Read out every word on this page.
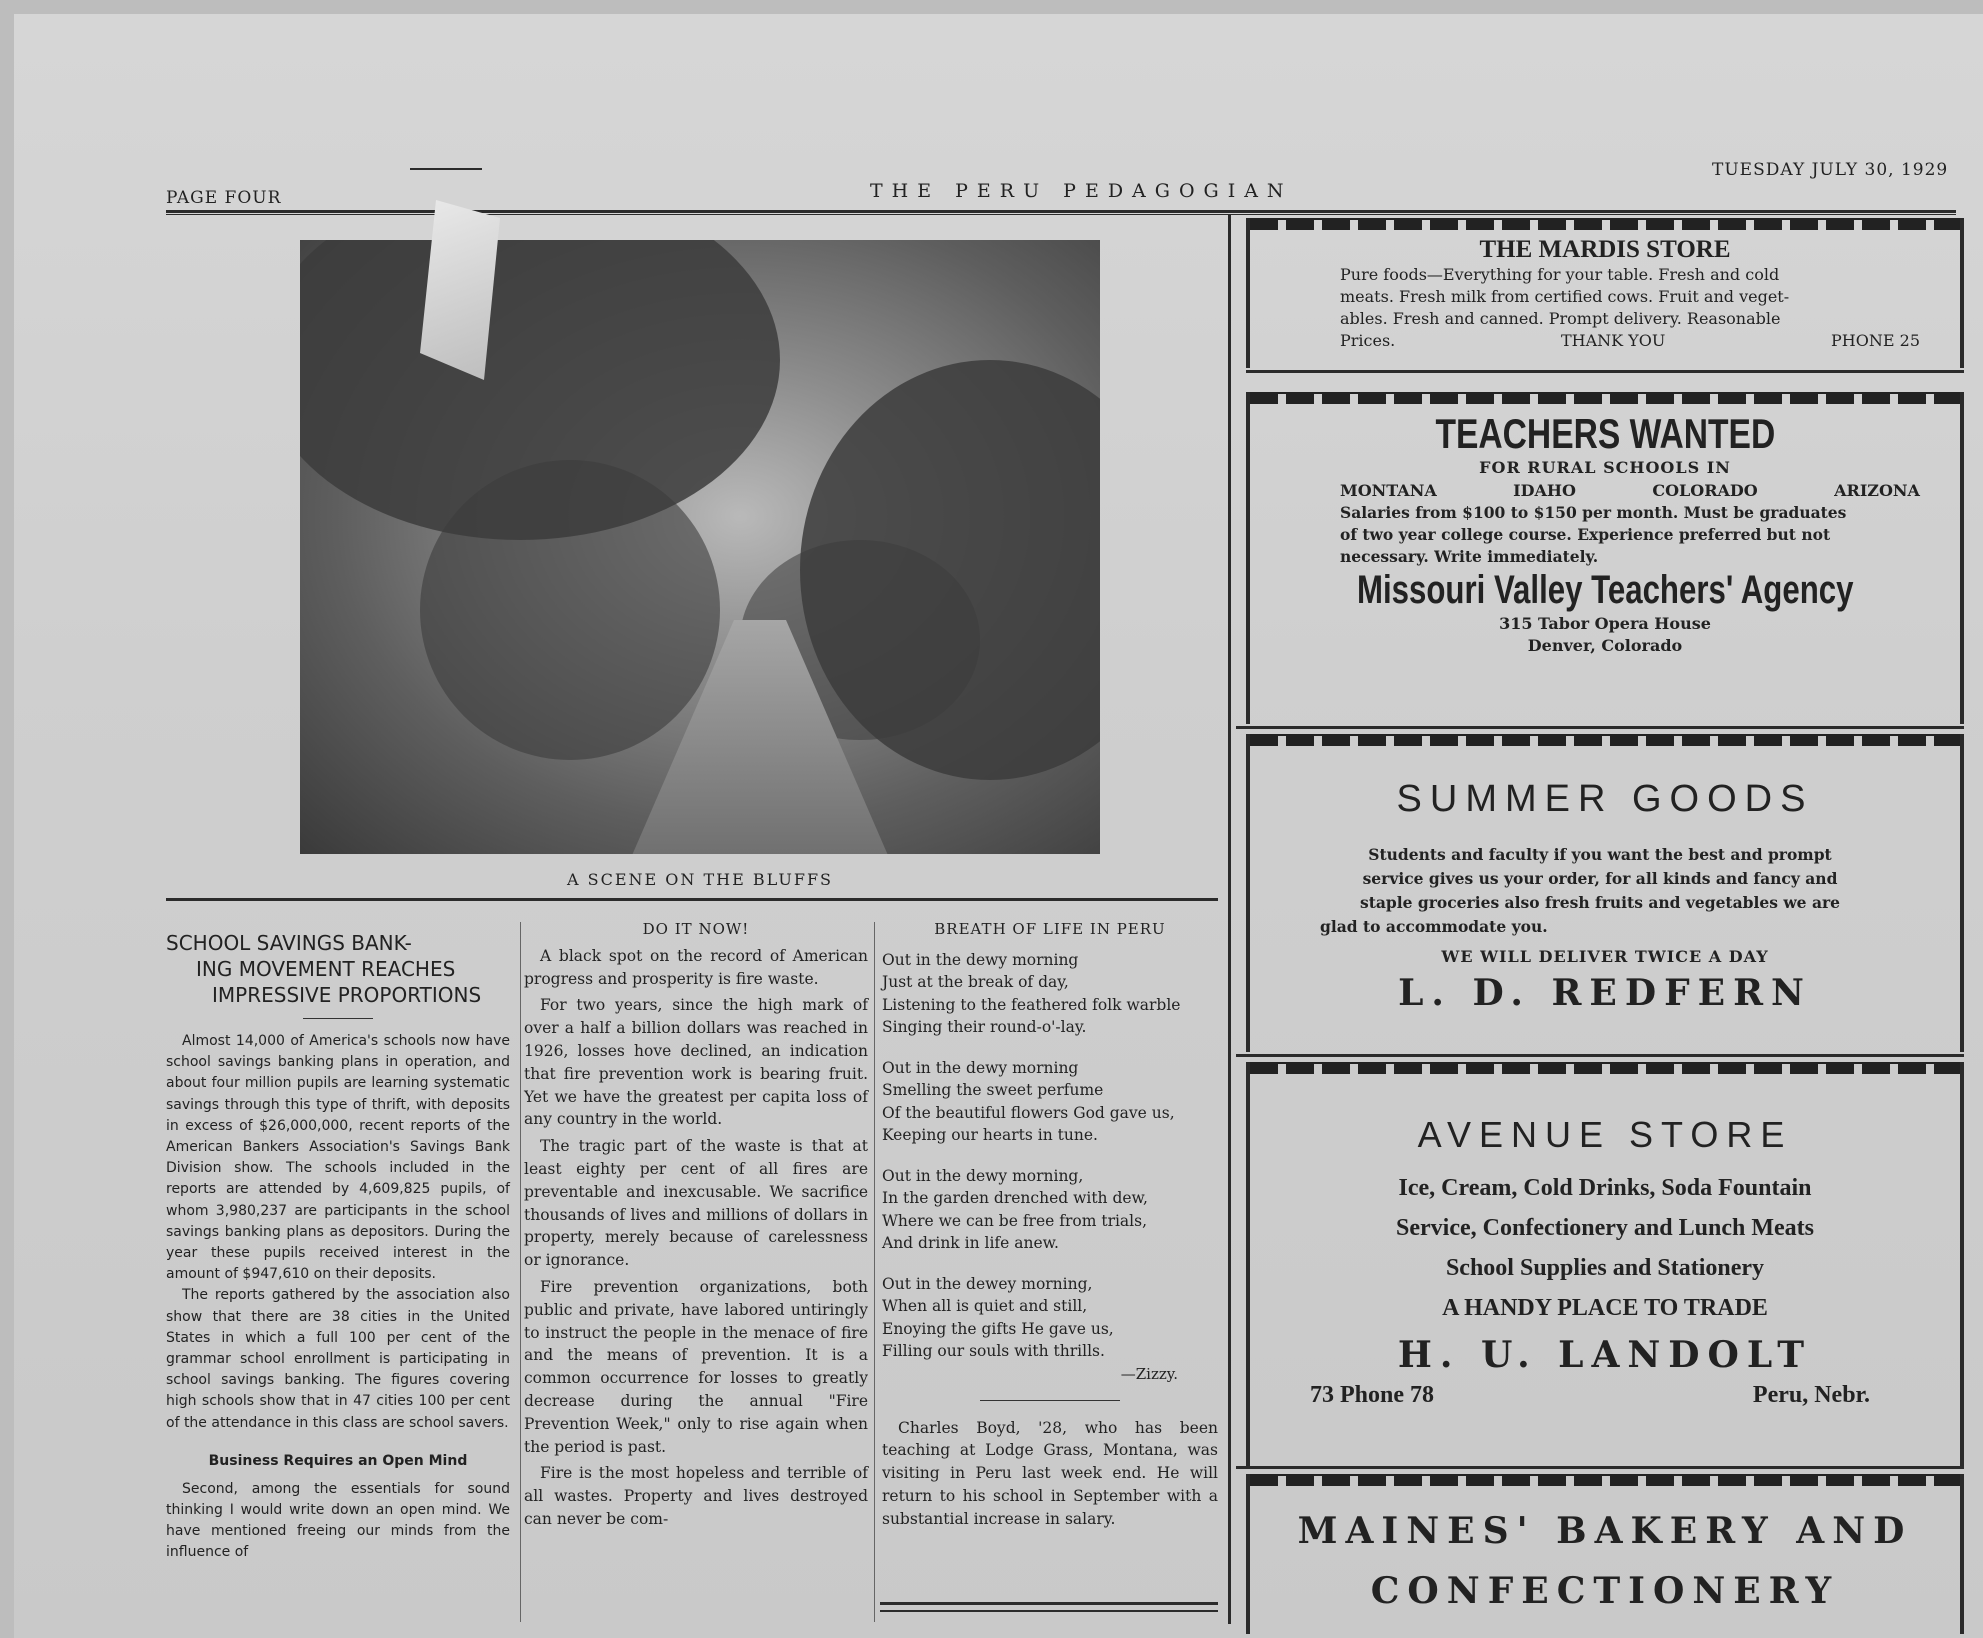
PAGE FOUR	THE PERU PEDAGOGIAN
TUESDAY JULY 30, 1929
A SCENE ON THE BLUFFS
SCHOOL SAVINGS BANK-
ING MOVEMENT REACHES
IMPRESSIVE PROPORTIONS

Almost 14,000 of America's schools now have school savings banking plans in operation, and about four million pupils are learning systematic savings through this type of thrift, with deposits in excess of $26,000,000, recent reports of the American Bankers Association's Savings Bank Division show. The schools included in the reports are attended by 4,609,825 pupils, of whom 3,980,237 are participants in the school savings banking plans as depositors. During the year these pupils received interest in the amount of $947,610 on their deposits.

The reports gathered by the association also show that there are 38 cities in the United States in which a full 100 per cent of the grammar school enrollment is participating in school savings banking. The figures covering high schools show that in 47 cities 100 per cent of the attendance in this class are school savers.

Business Requires an Open Mind

Second, among the essentials for sound thinking I would write down an open mind. We have mentioned freeing our minds from the influence of

DO IT NOW!

A black spot on the record of American progress and prosperity is fire waste.

For two years, since the high mark of over a half a billion dollars was reached in 1926, losses hove declined, an indication that fire prevention work is bearing fruit. Yet we have the greatest per capita loss of any country in the world.

The tragic part of the waste is that at least eighty per cent of all fires are preventable and inexcusable. We sacrifice thousands of lives and millions of dollars in property, merely because of carelessness or ignorance.

Fire prevention organizations, both public and private, have labored untiringly to instruct the people in the menace of fire and the means of prevention. It is a common occurrence for losses to greatly decrease during the annual "Fire Prevention Week," only to rise again when the period is past.

Fire is the most hopeless and terrible of all wastes. Property and lives destroyed can never be com-

BREATH OF LIFE IN PERU
Out in the dewy morning
Just at the break of day,
Listening to the feathered folk warble
Singing their round-o'-lay.
Out in the dewy morning
Smelling the sweet perfume
Of the beautiful flowers God gave us,
Keeping our hearts in tune.
Out in the dewy morning,
In the garden drenched with dew,
Where we can be free from trials,
And drink in life anew.
Out in the dewey morning,
When all is quiet and still,
Enoying the gifts He gave us,
Filling our souls with thrills.
—Zizzy.

Charles Boyd, '28, who has been teaching at Lodge Grass, Montana, was visiting in Peru last week end. He will return to his school in September with a substantial increase in salary.

THE MARDIS STORE
Pure foods—Everything for your table. Fresh and cold
meats. Fresh milk from certified cows. Fruit and veget-
ables. Fresh and canned. Prompt delivery. Reasonable
Prices.	THANK YOU	PHONE 25
TEACHERS WANTED
FOR RURAL SCHOOLS IN
MONTANA	IDAHO	COLORADO	ARIZONA
Salaries from $100 to $150 per month. Must be graduates
of two year college course. Experience preferred but not
necessary. Write immediately.
Missouri Valley Teachers' Agency
315 Tabor Opera House
Denver, Colorado
SUMMER GOODS
Students and faculty if you want the best and prompt
service gives us your order, for all kinds and fancy and
staple groceries also fresh fruits and vegetables we are
glad to accommodate you.
WE WILL DELIVER TWICE A DAY
L. D. REDFERN
AVENUE STORE
Ice, Cream, Cold Drinks, Soda Fountain
Service, Confectionery and Lunch Meats
School Supplies and Stationery
A HANDY PLACE TO TRADE
H. U. LANDOLT
73 Phone 78	Peru, Nebr.
MAINES' BAKERY AND
CONFECTIONERY
